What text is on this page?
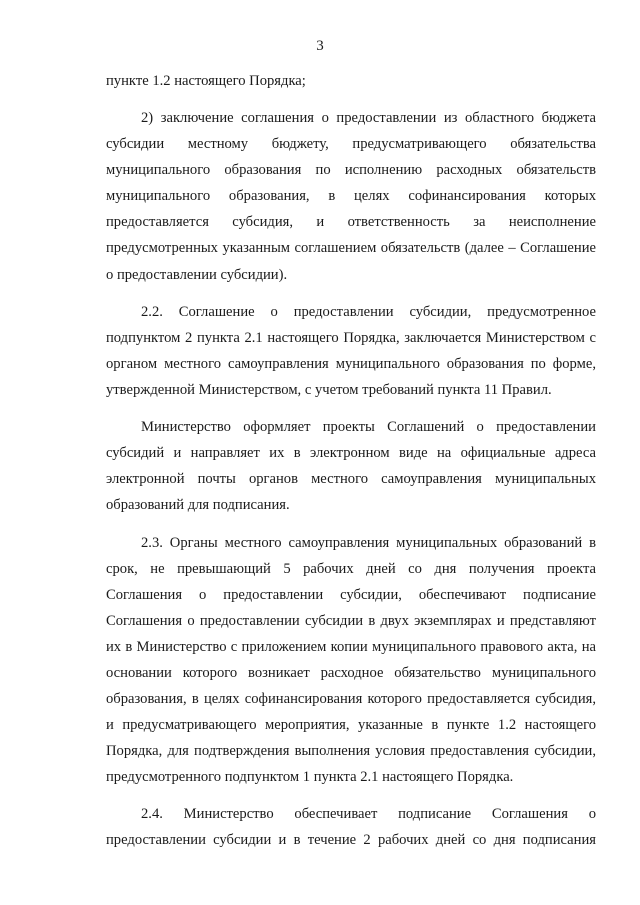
3

пункте 1.2 настоящего Порядка;

2) заключение соглашения о предоставлении из областного бюджета субсидии местному бюджету, предусматривающего обязательства муниципального образования по исполнению расходных обязательств муниципального образования, в целях софинансирования которых предоставляется субсидия, и ответственность за неисполнение предусмотренных указанным соглашением обязательств (далее – Соглашение о предоставлении субсидии).

2.2. Соглашение о предоставлении субсидии, предусмотренное подпунктом 2 пункта 2.1 настоящего Порядка, заключается Министерством с органом местного самоуправления муниципального образования по форме, утвержденной Министерством, с учетом требований пункта 11 Правил.

Министерство оформляет проекты Соглашений о предоставлении субсидий и направляет их в электронном виде на официальные адреса электронной почты органов местного самоуправления муниципальных образований для подписания.

2.3. Органы местного самоуправления муниципальных образований в срок, не превышающий 5 рабочих дней со дня получения проекта Соглашения о предоставлении субсидии, обеспечивают подписание Соглашения о предоставлении субсидии в двух экземплярах и представляют их в Министерство с приложением копии муниципального правового акта, на основании которого возникает расходное обязательство муниципального образования, в целях софинансирования которого предоставляется субсидия, и предусматривающего мероприятия, указанные в пункте 1.2 настоящего Порядка, для подтверждения выполнения условия предоставления субсидии, предусмотренного подпунктом 1 пункта 2.1 настоящего Порядка.

2.4. Министерство обеспечивает подписание Соглашения о предоставлении субсидии и в течение 2 рабочих дней со дня подписания
